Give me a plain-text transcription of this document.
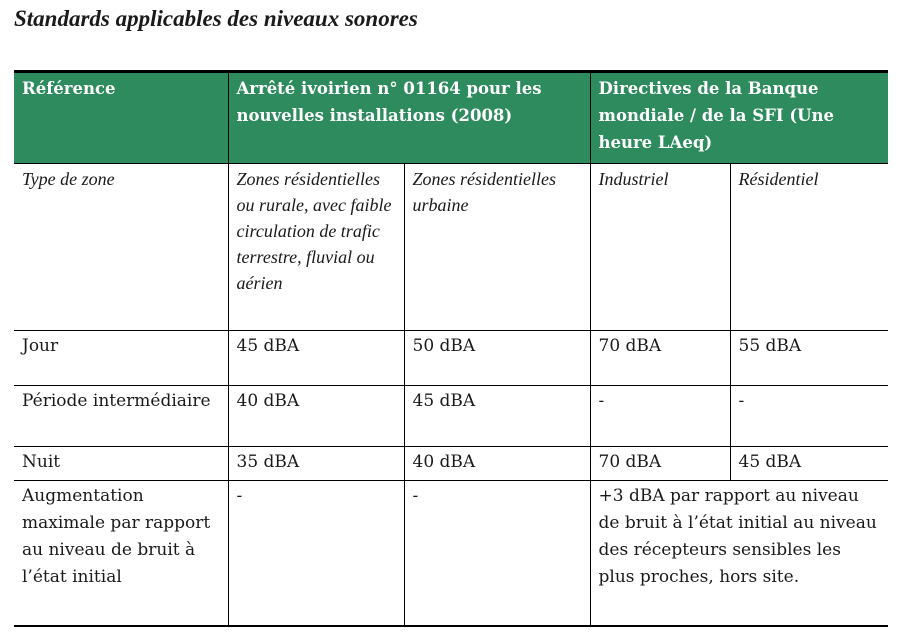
Standards applicables des niveaux sonores
Référence	Arrêté ivoirien n° 01164 pour les nouvelles installations (2008)		Directives de la Banque mondiale / de la SFI (Une heure LAeq)	
Type de zone	Zones résidentielles ou rurale, avec faible circulation de trafic terrestre, fluvial ou aérien	Zones résidentielles urbaine	Industriel	Résidentiel
Jour	45 dBA	50 dBA	70 dBA	55 dBA
Période intermédiaire	40 dBA	45 dBA	-	-
Nuit	35 dBA	40 dBA	70 dBA	45 dBA
Augmentation maximale par rapport au niveau de bruit à l’état initial	-	-	+3 dBA par rapport au niveau de bruit à l’état initial au niveau des récepteurs sensibles les plus proches, hors site.	
